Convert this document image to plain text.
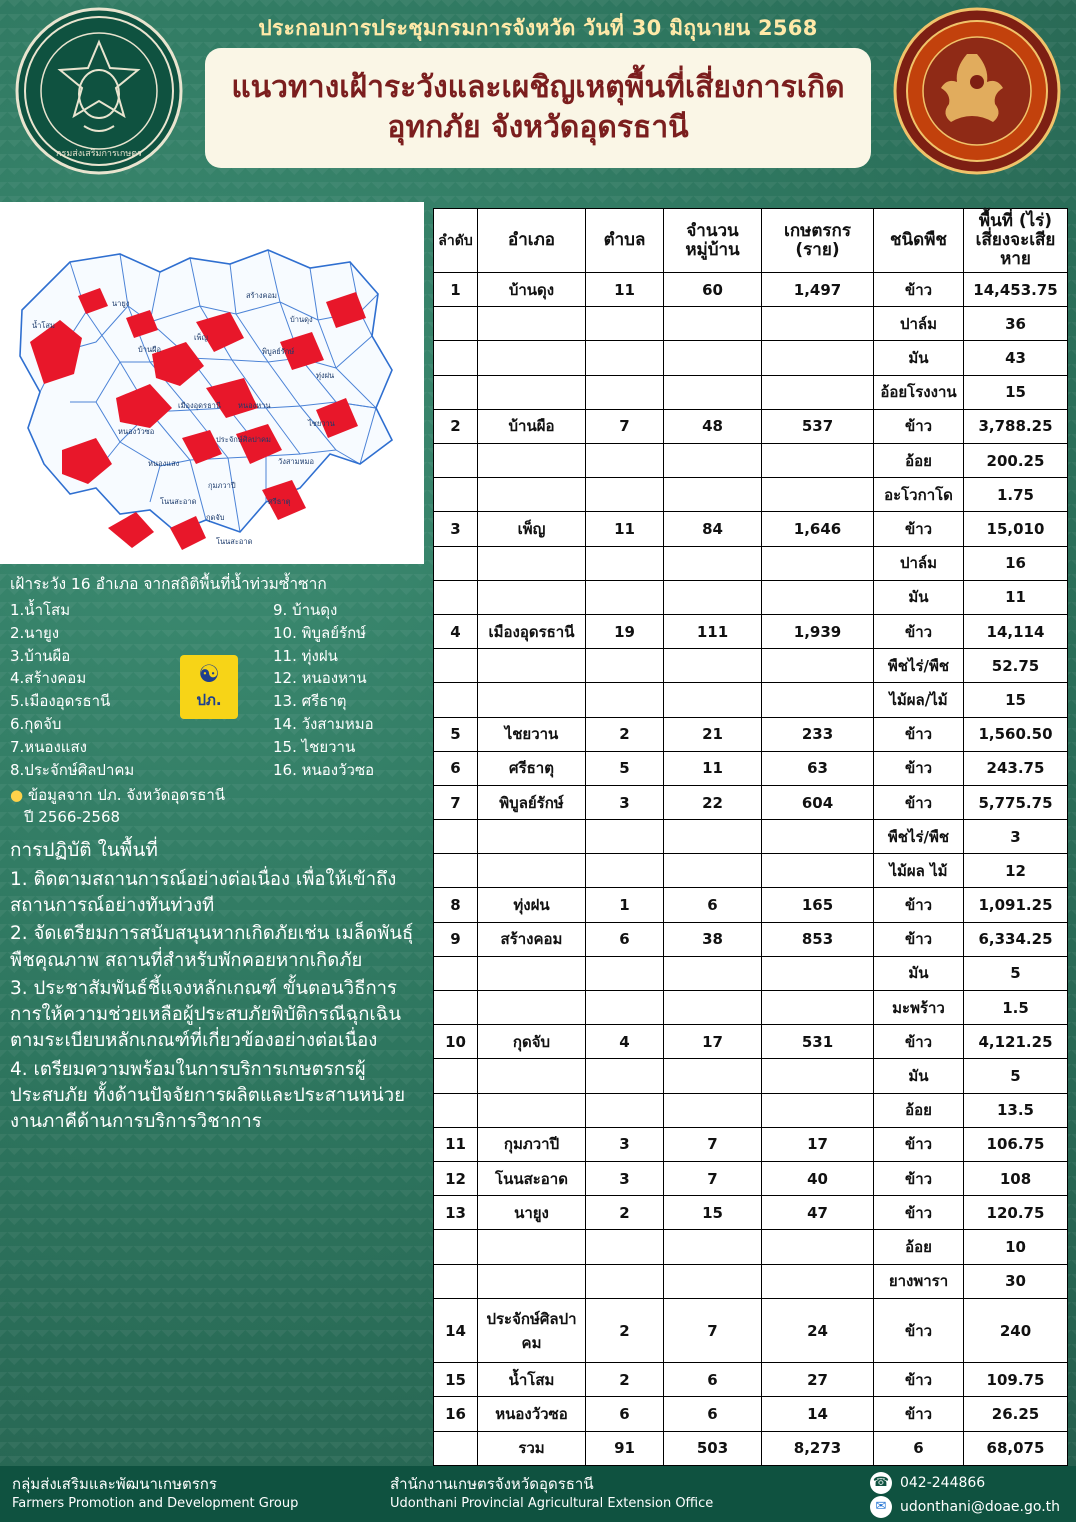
กรมส่งเสริมการเกษตร
ประกอบการประชุมกรมการจังหวัด วันที่ 30 มิถุนายน 2568
แนวทางเฝ้าระวังและเผชิญเหตุพื้นที่เสี่ยงการเกิดอุทกภัย จังหวัดอุดรธานี
น้ำโสม
นายูง
สร้างคอม
บ้านดุง
บ้านผือ
เพ็ญ
พิบูลย์รักษ์
ทุ่งฝน
เมืองอุดรธานี
หนองวัวซอ
หนองหาน
ไชยวาน
ประจักษ์ศิลปาคม
หนองแสง	วังสามหมอ
กุมภวาปี
ศรีธาตุ
โนนสะอาด
กุดจับ
โนนสะอาด
เฝ้าระวัง 16 อำเภอ จากสถิติพื้นที่น้ำท่วมซ้ำซาก
1.น้ำโสม
2.นายูง
3.บ้านผือ
4.สร้างคอม
5.เมืองอุดรธานี
6.กุดจับ
7.หนองแสง
8.ประจักษ์ศิลปาคม
9. บ้านดุง
10. พิบูลย์รักษ์
11. ทุ่งฝน
12. หนองหาน
13. ศรีธาตุ
14. วังสามหมอ
15. ไชยวาน
16. หนองวัวซอ
☯
ปภ.
● ข้อมูลจาก ปภ. จังหวัดอุดรธานี
ปี 2566-2568
การปฏิบัติ ในพื้นที่

1. ติดตามสถานการณ์อย่างต่อเนื่อง เพื่อให้เข้าถึงสถานการณ์อย่างทันท่วงที

2. จัดเตรียมการสนับสนุนหากเกิดภัยเช่น เมล็ดพันธุ์พืชคุณภาพ สถานที่สำหรับพักคอยหากเกิดภัย

3. ประชาสัมพันธ์ชี้แจงหลักเกณฑ์ ขั้นตอนวิธีการการให้ความช่วยเหลือผู้ประสบภัยพิบัติกรณีฉุกเฉินตามระเบียบหลักเกณฑ์ที่เกี่ยวข้องอย่างต่อเนื่อง

4. เตรียมความพร้อมในการบริการเกษตรกรผู้ประสบภัย ทั้งด้านปัจจัยการผลิตและประสานหน่วยงานภาคีด้านการบริการวิชาการ

ลำดับ	อำเภอ	ตำบล	จำนวนหมู่บ้าน	เกษตรกร (ราย)	ชนิดพืช	พื้นที่ (ไร่)
เสี่ยงจะเสียหาย

1	บ้านดุง	11	60	1,497	ข้าว	14,453.75
					ปาล์ม	36
					มัน	43
					อ้อยโรงงาน	15
2	บ้านผือ	7	48	537	ข้าว	3,788.25
					อ้อย	200.25
					อะโวกาโด	1.75
3	เพ็ญ	11	84	1,646	ข้าว	15,010
					ปาล์ม	16
					มัน	11
4	เมืองอุดรธานี	19	111	1,939	ข้าว	14,114
					พืชไร่/พืช	52.75
					ไม้ผล/ไม้	15
5	ไชยวาน	2	21	233	ข้าว	1,560.50
6	ศรีธาตุ	5	11	63	ข้าว	243.75
7	พิบูลย์รักษ์	3	22	604	ข้าว	5,775.75
					พืชไร่/พืช	3
					ไม้ผล ไม้	12
8	ทุ่งฝน	1	6	165	ข้าว	1,091.25
9	สร้างคอม	6	38	853	ข้าว	6,334.25
					มัน	5
					มะพร้าว	1.5
10	กุดจับ	4	17	531	ข้าว	4,121.25
					มัน	5
					อ้อย	13.5
11	กุมภวาปี	3	7	17	ข้าว	106.75
12	โนนสะอาด	3	7	40	ข้าว	108
13	นายูง	2	15	47	ข้าว	120.75
					อ้อย	10
					ยางพารา	30
14	ประจักษ์ศิลปาคม	2	7	24	ข้าว	240
15	น้ำโสม	2	6	27	ข้าว	109.75
16	หนองวัวซอ	6	6	14	ข้าว	26.25
	รวม	91	503	8,273	6	68,075
กลุ่มส่งเสริมและพัฒนาเกษตรกร
Farmers Promotion and Development Group
สำนักงานเกษตรจังหวัดอุดรธานี
Udonthani Provincial Agricultural Extension Office
☎ 042-244866
✉ udonthani@doae.go.th
